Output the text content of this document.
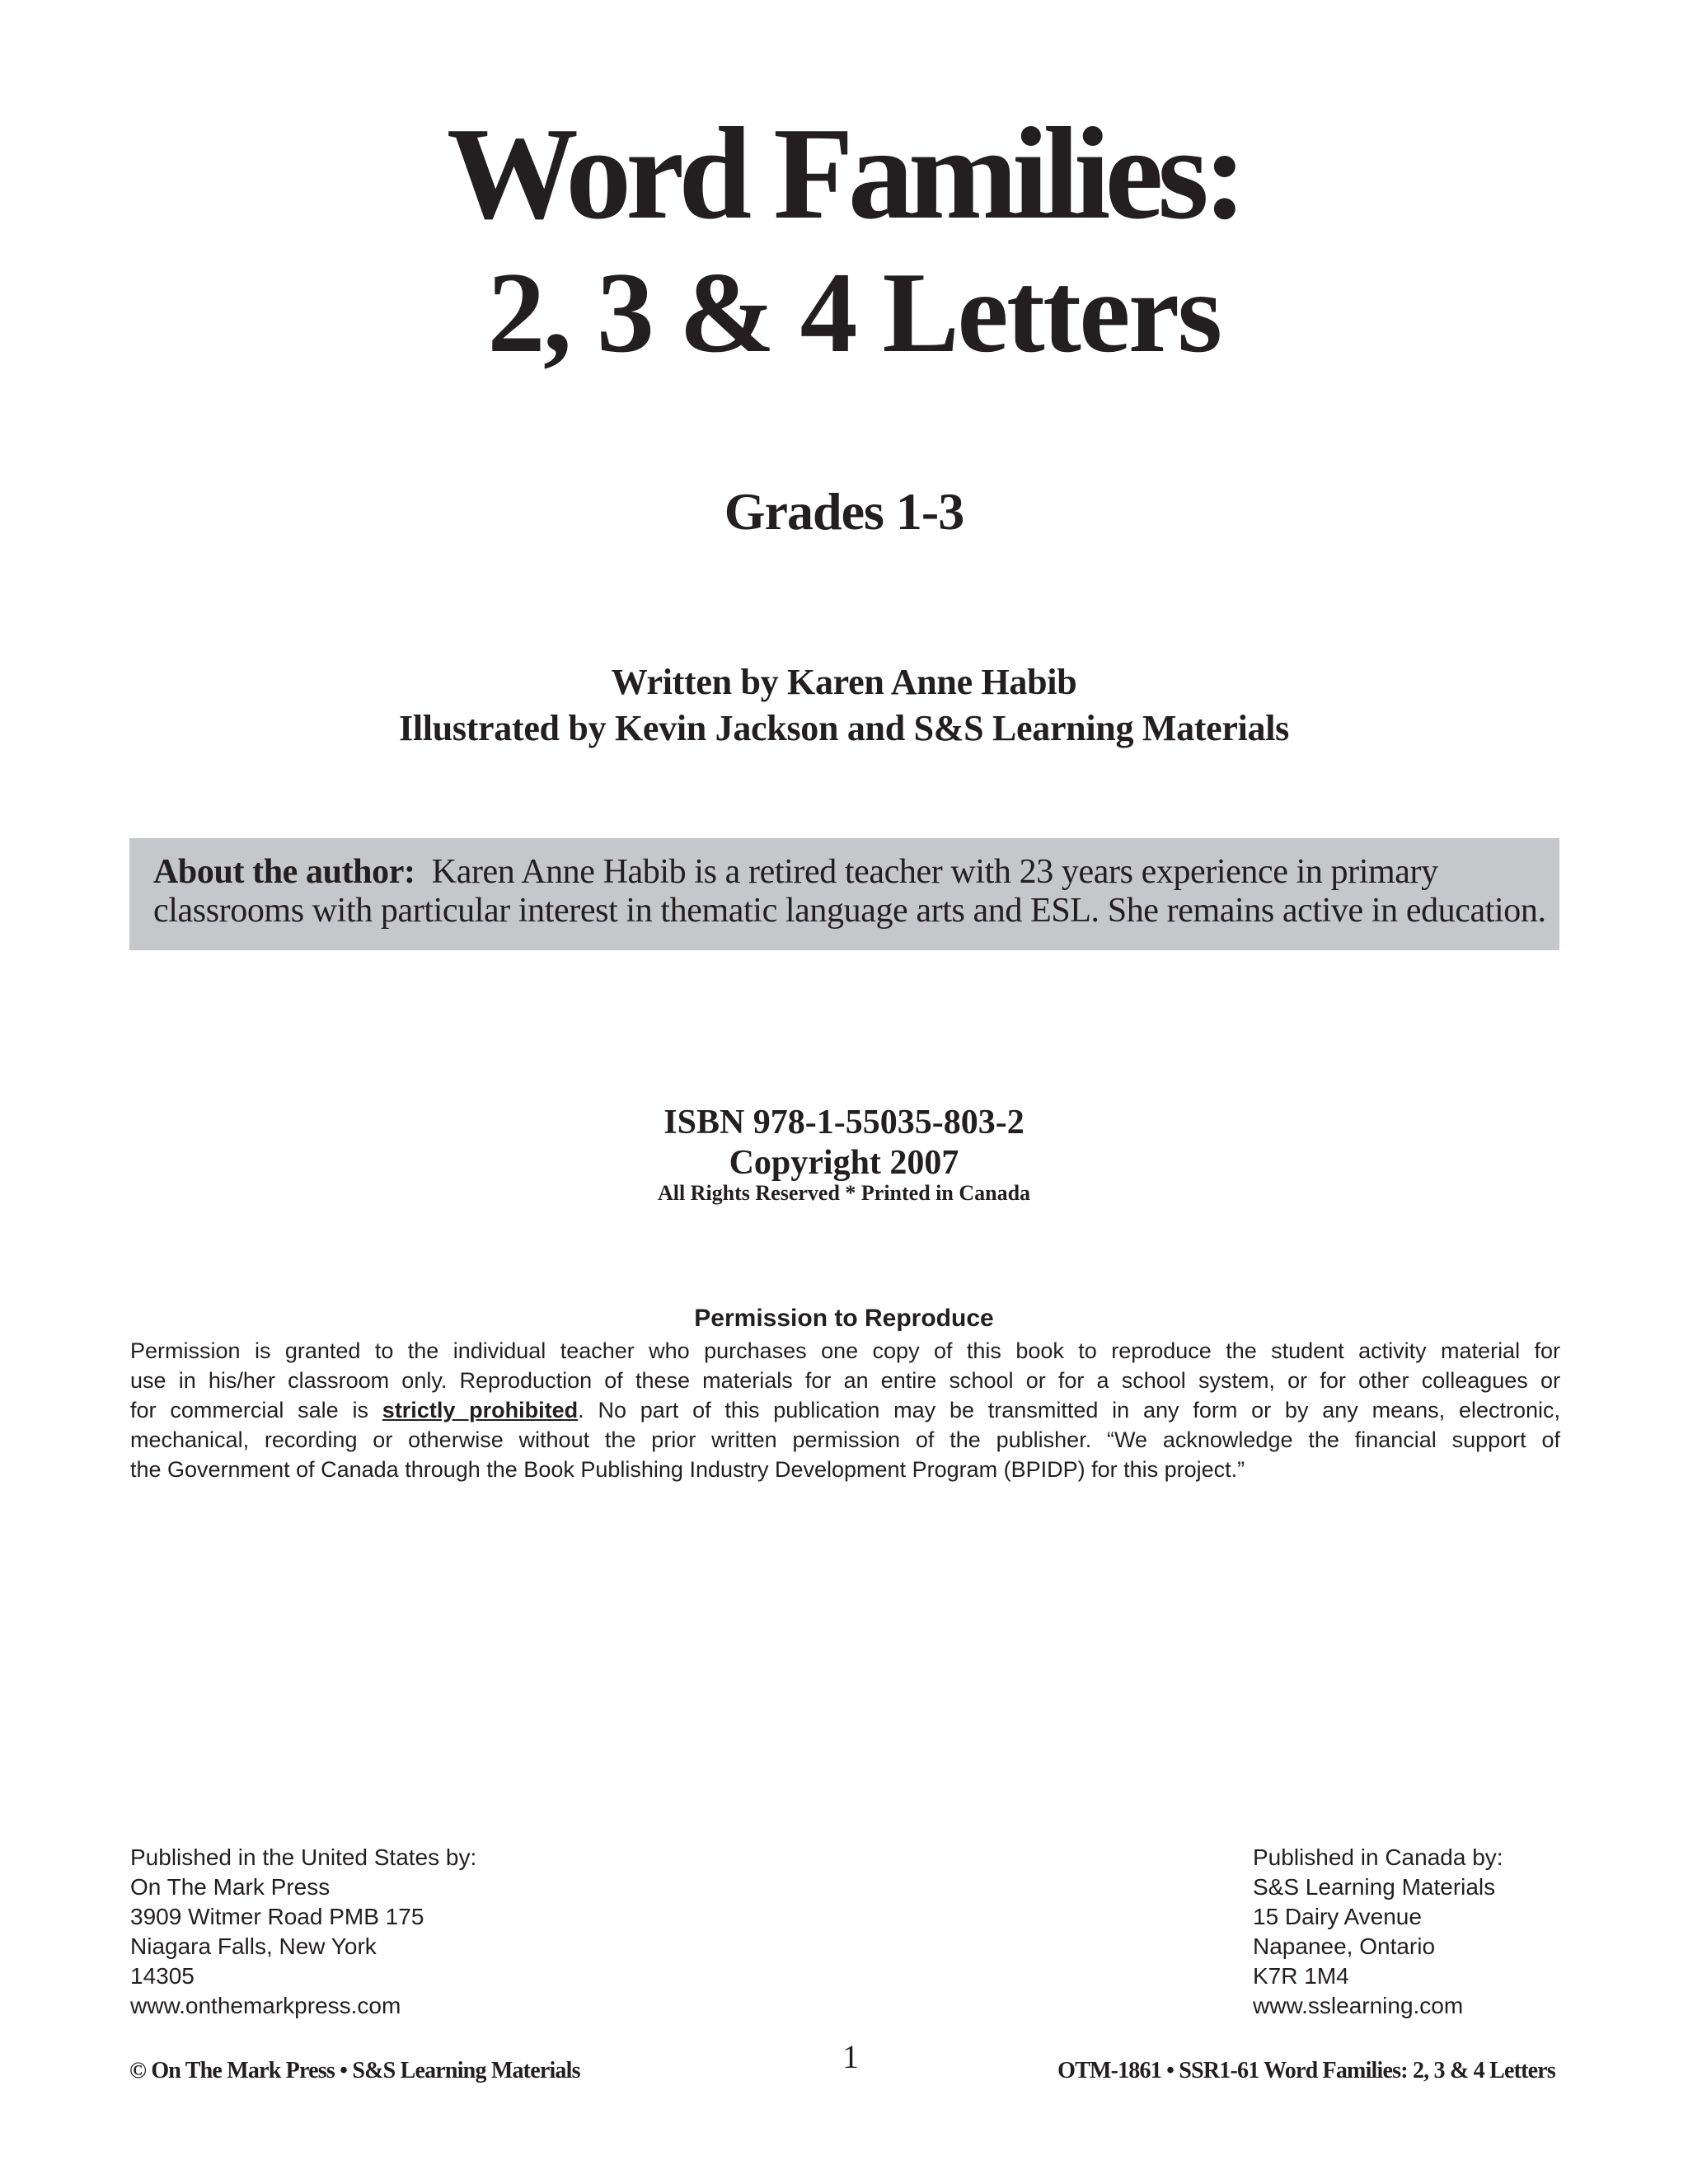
Word Families:
2, 3 & 4 Letters
Grades 1-3
Written by Karen Anne Habib
Illustrated by Kevin Jackson and S&S Learning Materials
About the author: Karen Anne Habib is a retired teacher with 23 years experience in primary
classrooms with particular interest in thematic language arts and ESL. She remains active in education.
ISBN 978-1-55035-803-2
Copyright 2007
All Rights Reserved * Printed in Canada
Permission to Reproduce
Permission is granted to the individual teacher who purchases one copy of this book to reproduce the student activity material for
use in his/her classroom only. Reproduction of these materials for an entire school or for a school system, or for other colleagues or
for commercial sale is strictly prohibited. No part of this publication may be transmitted in any form or by any means, electronic,
mechanical, recording or otherwise without the prior written permission of the publisher. “We acknowledge the financial support of
the Government of Canada through the Book Publishing Industry Development Program (BPIDP) for this project.”
Published in the United States by:
On The Mark Press
3909 Witmer Road PMB 175
Niagara Falls, New York
14305
www.onthemarkpress.com
Published in Canada by:
S&S Learning Materials
15 Dairy Avenue
Napanee, Ontario
K7R 1M4
www.sslearning.com
© On The Mark Press • S&S Learning Materials	1	OTM-1861 • SSR1-61 Word Families: 2, 3 & 4 Letters
